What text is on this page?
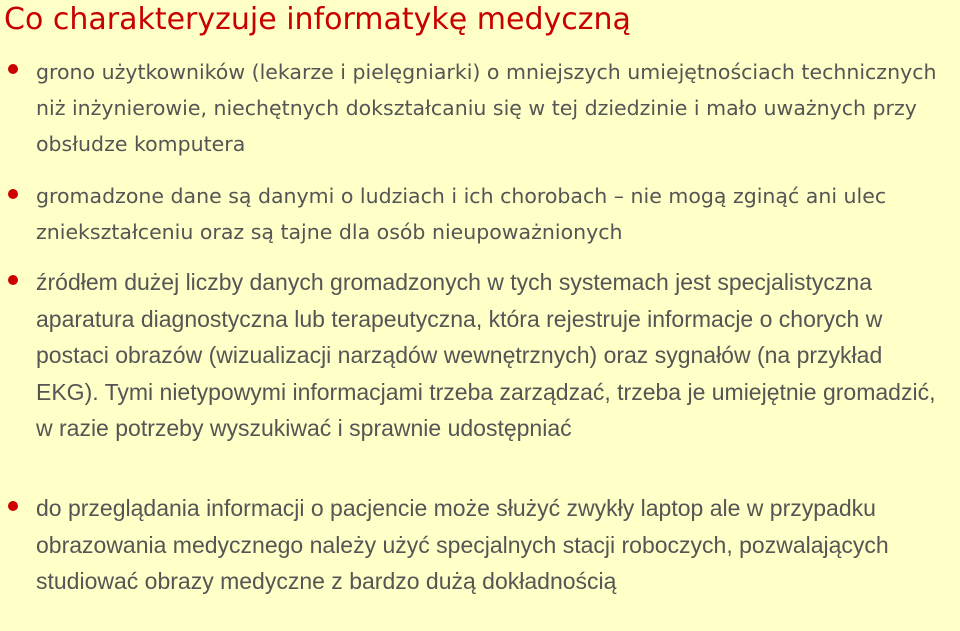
Co charakteryzuje informatykę medyczną
grono użytkowników (lekarze i pielęgniarki) o mniejszych umiejętnościach technicznych niż inżynierowie, niechętnych dokształcaniu się w tej dziedzinie i mało uważnych przy obsłudze komputera
gromadzone dane są danymi o ludziach i ich chorobach – nie mogą zginąć ani ulec zniekształceniu oraz są tajne dla osób nieupoważnionych
źródłem dużej liczby danych gromadzonych w tych systemach jest specjalistyczna aparatura diagnostyczna lub terapeutyczna, która rejestruje informacje o chorych w postaci obrazów (wizualizacji narządów wewnętrznych) oraz sygnałów (na przykład EKG). Tymi nietypowymi informacjami trzeba zarządzać, trzeba je umiejętnie gromadzić, w razie potrzeby wyszukiwać i sprawnie udostępniać
do przeglądania informacji o pacjencie może służyć zwykły laptop ale w przypadku obrazowania medycznego należy użyć specjalnych stacji roboczych, pozwalających studiować obrazy medyczne z bardzo dużą dokładnością
